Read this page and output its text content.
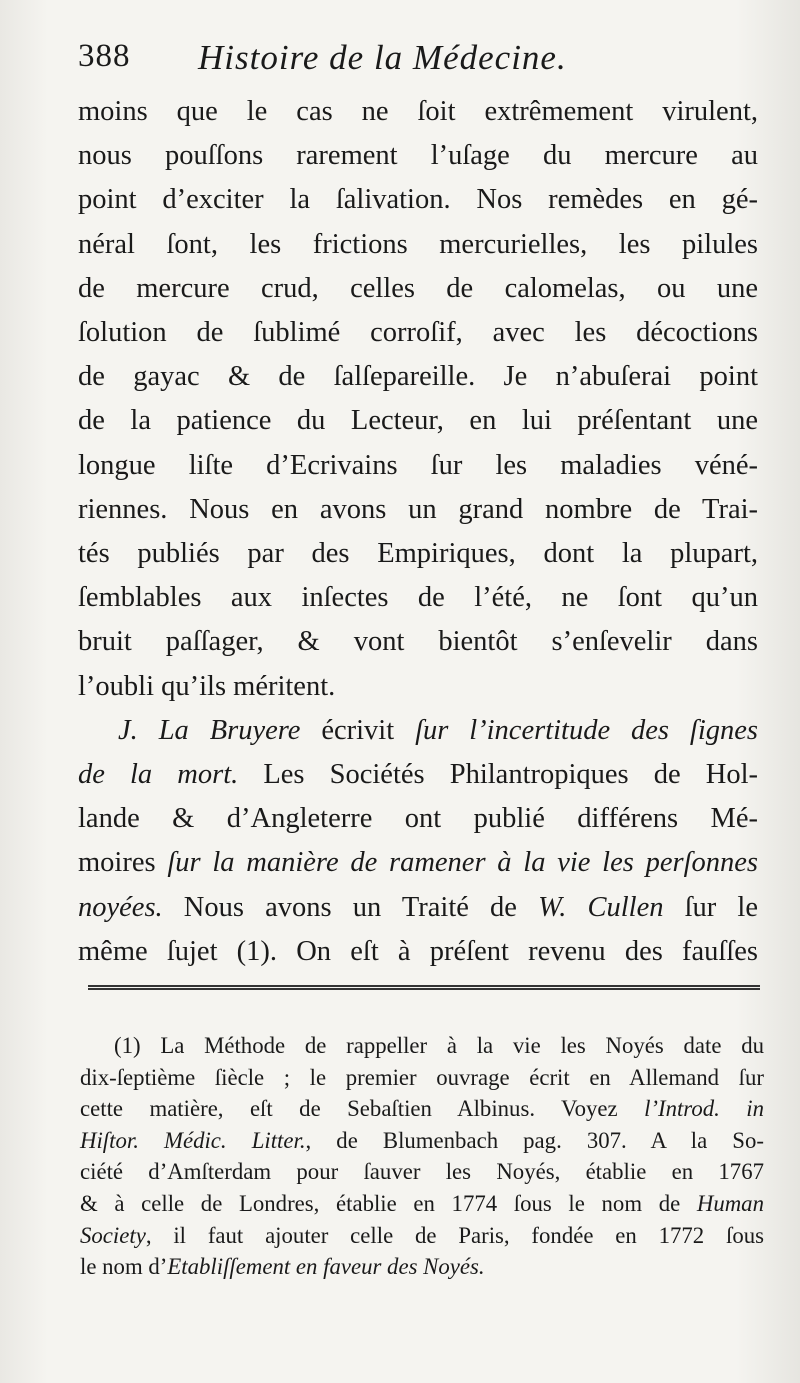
388 Histoire de la Médecine.
moins que le cas ne ſoit extrêmement virulent,
nous pouſſons rarement l’uſage du mercure au
point d’exciter la ſalivation. Nos remèdes en gé-
néral ſont, les frictions mercurielles, les pilules
de mercure crud, celles de calomelas, ou une
ſolution de ſublimé corroſif, avec les décoctions
de gayac & de ſalſepareille. Je n’abuſerai point
de la patience du Lecteur, en lui préſentant une
longue liſte d’Ecrivains ſur les maladies véné-
riennes. Nous en avons un grand nombre de Trai-
tés publiés par des Empiriques, dont la plupart,
ſemblables aux inſectes de l’été, ne ſont qu’un
bruit paſſager, & vont bientôt s’enſevelir dans
l’oubli qu’ils méritent.
J. La Bruyere écrivit ſur l’incertitude des ſignes
de la mort. Les Sociétés Philantropiques de Hol-
lande & d’Angleterre ont publié différens Mé-
moires ſur la manière de ramener à la vie les perſonnes
noyées. Nous avons un Traité de W. Cullen ſur le
même ſujet (1). On eſt à préſent revenu des fauſſes
(1) La Méthode de rappeller à la vie les Noyés date du
dix-ſeptième ſiècle ; le premier ouvrage écrit en Allemand ſur
cette matière, eſt de Sebaſtien Albinus. Voyez l’Introd. in
Hiſtor. Médic. Litter., de Blumenbach pag. 307. A la So-
ciété d’Amſterdam pour ſauver les Noyés, établie en 1767
& à celle de Londres, établie en 1774 ſous le nom de Human
Society, il faut ajouter celle de Paris, fondée en 1772 ſous
le nom d’Etabliſſement en faveur des Noyés.
